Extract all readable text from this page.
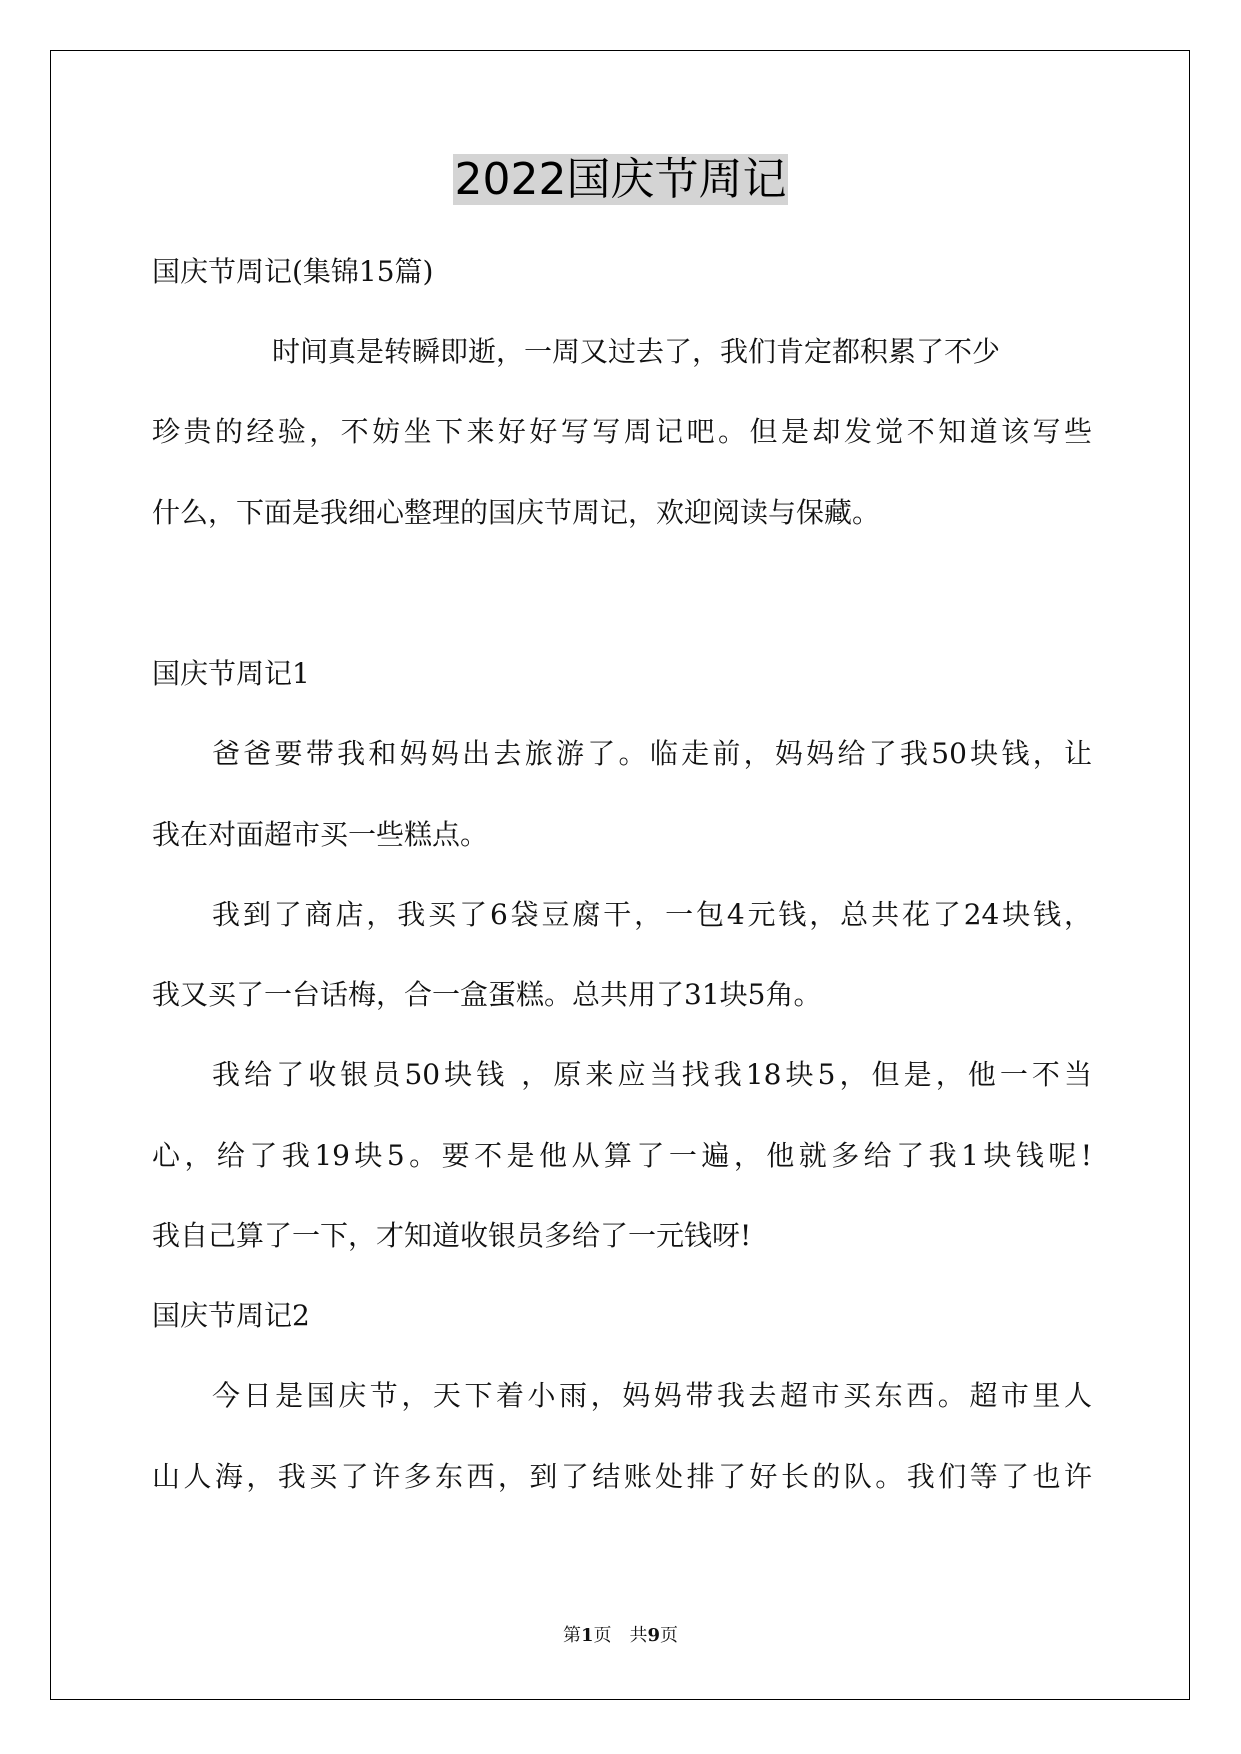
2022国庆节周记
国庆节周记(集锦15篇)
时间真是转瞬即逝，一周又过去了，我们肯定都积累了不少
珍贵的经验，不妨坐下来好好写写周记吧。但是却发觉不知道该写些
什么，下面是我细心整理的国庆节周记，欢迎阅读与保藏。
国庆节周记1
爸爸要带我和妈妈出去旅游了。临走前，妈妈给了我50块钱，让
我在对面超市买一些糕点。
我到了商店，我买了6袋豆腐干，一包4元钱，总共花了24块钱，
我又买了一台话梅，合一盒蛋糕。总共用了31块5角。
我给了收银员50块钱 ，原来应当找我18块5，但是，他一不当
心，给了我19块5。要不是他从算了一遍，他就多给了我1块钱呢!
我自己算了一下，才知道收银员多给了一元钱呀!
国庆节周记2
今日是国庆节，天下着小雨，妈妈带我去超市买东西。超市里人
山人海，我买了许多东西，到了结账处排了好长的队。我们等了也许
第1页　共9页
